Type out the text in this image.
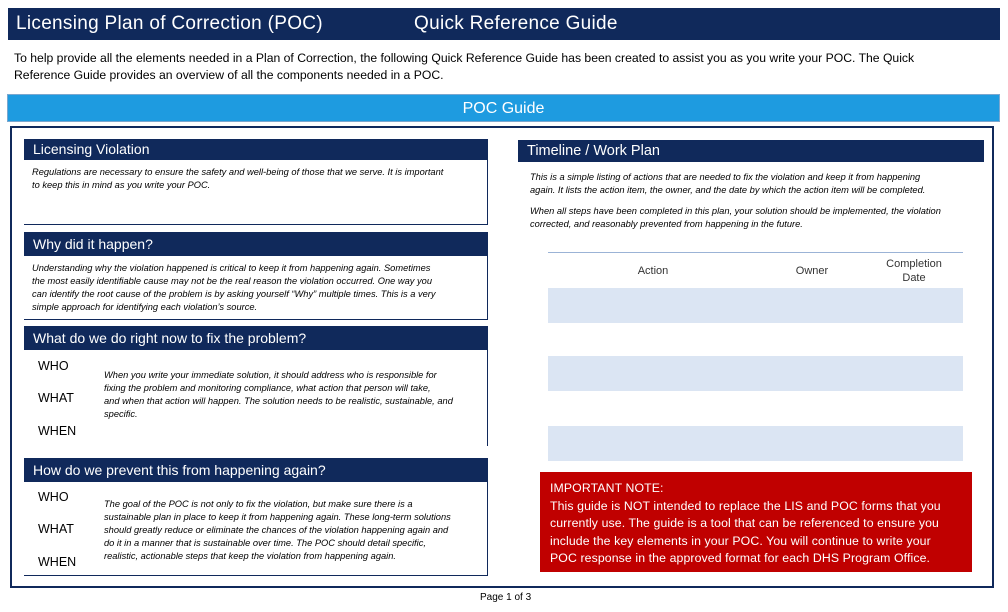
Licensing Plan of Correction (POC)	Quick Reference Guide
To help provide all the elements needed in a Plan of Correction, the following Quick Reference Guide has been created to assist you as you write your POC. The Quick
Reference Guide provides an overview of all the components needed in a POC.
POC Guide
Licensing Violation
Regulations are necessary to ensure the safety and well-being of those that we serve. It is important
to keep this in mind as you write your POC.
Why did it happen?
Understanding why the violation happened is critical to keep it from happening again. Sometimes
the most easily identifiable cause may not be the real reason the violation occurred. One way you
can identify the root cause of the problem is by asking yourself “Why” multiple times. This is a very
simple approach for identifying each violation’s source.
What do we do right now to fix the problem?
WHO
WHAT
WHEN
When you write your immediate solution, it should address who is responsible for
fixing the problem and monitoring compliance, what action that person will take,
and when that action will happen. The solution needs to be realistic, sustainable, and
specific.
How do we prevent this from happening again?
WHO
WHAT
WHEN
The goal of the POC is not only to fix the violation, but make sure there is a
sustainable plan in place to keep it from happening again. These long-term solutions
should greatly reduce or eliminate the chances of the violation happening again and
do it in a manner that is sustainable over time. The POC should detail specific,
realistic, actionable steps that keep the violation from happening again.
Timeline / Work Plan
This is a simple listing of actions that are needed to fix the violation and keep it from happening
again. It lists the action item, the owner, and the date by which the action item will be completed.
When all steps have been completed in this plan, your solution should be implemented, the violation
corrected, and reasonably prevented from happening in the future.
Action	Owner
Completion
Date
IMPORTANT NOTE:
This guide is NOT intended to replace the LIS and POC forms that you
currently use. The guide is a tool that can be referenced to ensure you
include the key elements in your POC. You will continue to write your
POC response in the approved format for each DHS Program Office.
Page 1 of 3
